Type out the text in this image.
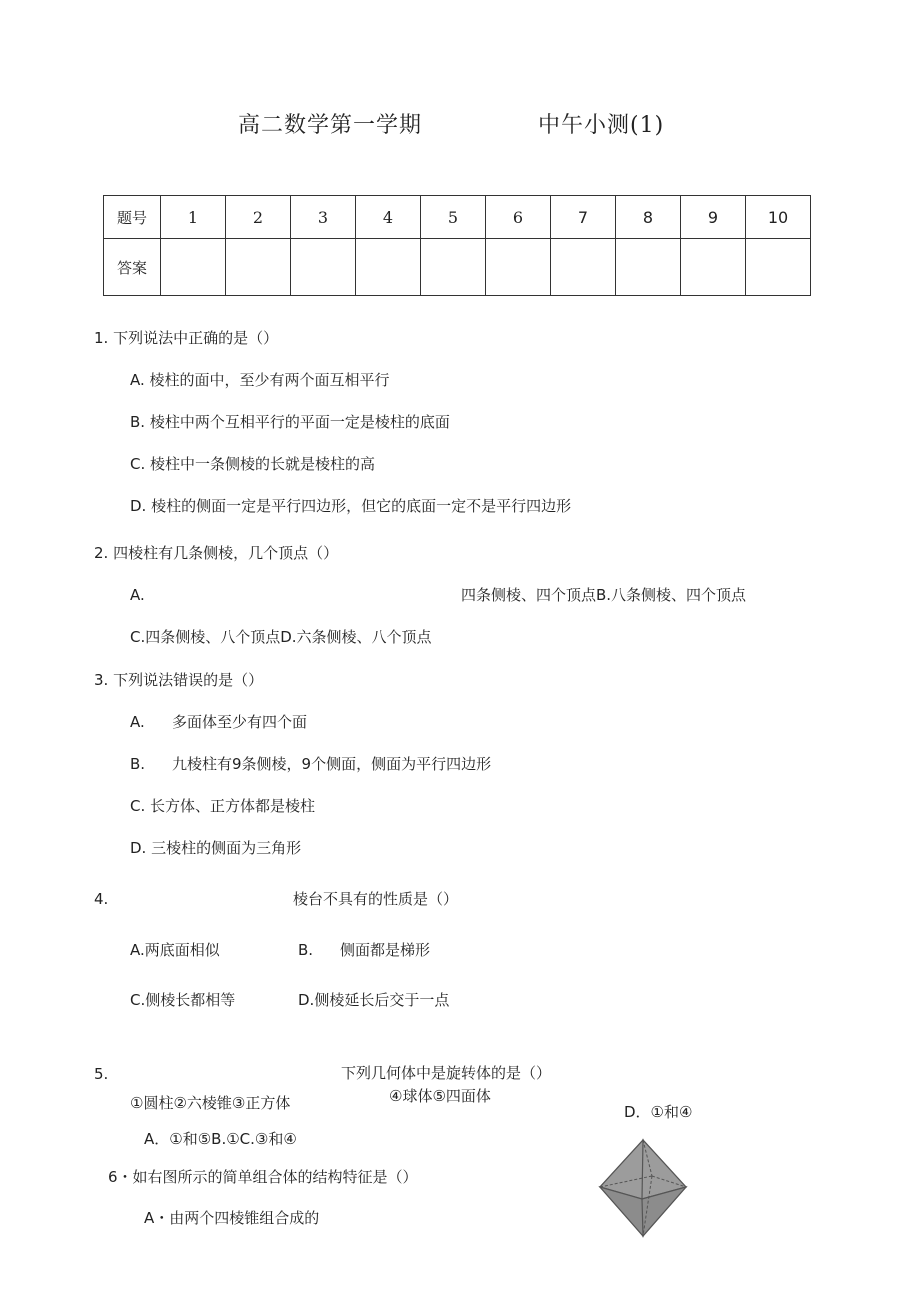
高二数学第一学期	中午小测(1)
题号	1	2	3	4	5	6	7	8	9	10
答案										
1. 下列说法中正确的是（）
A. 棱柱的面中，至少有两个面互相平行
B. 棱柱中两个互相平行的平面一定是棱柱的底面
C. 棱柱中一条侧棱的长就是棱柱的高
D. 棱柱的侧面一定是平行四边形，但它的底面一定不是平行四边形
2. 四棱柱有几条侧棱，几个顶点（）
A.	四条侧棱、四个顶点B.八条侧棱、四个顶点
C.四条侧棱、八个顶点D.六条侧棱、八个顶点
3. 下列说法错误的是（）
A. 多面体至少有四个面
B. 九棱柱有9条侧棱，9个侧面，侧面为平行四边形
C. 长方体、正方体都是棱柱
D. 三棱柱的侧面为三角形
4.	棱台不具有的性质是（）
A.两底面相似	B. 侧面都是梯形
C.侧棱长都相等	D.侧棱延长后交于一点
5.	下列几何体中是旋转体的是（）
①圆柱②六棱锥③正方体	④球体⑤四面体
D．①和④
A．①和⑤B.①C.③和④
6・如右图所示的简单组合体的结构特征是（）
A・由两个四棱锥组合成的
